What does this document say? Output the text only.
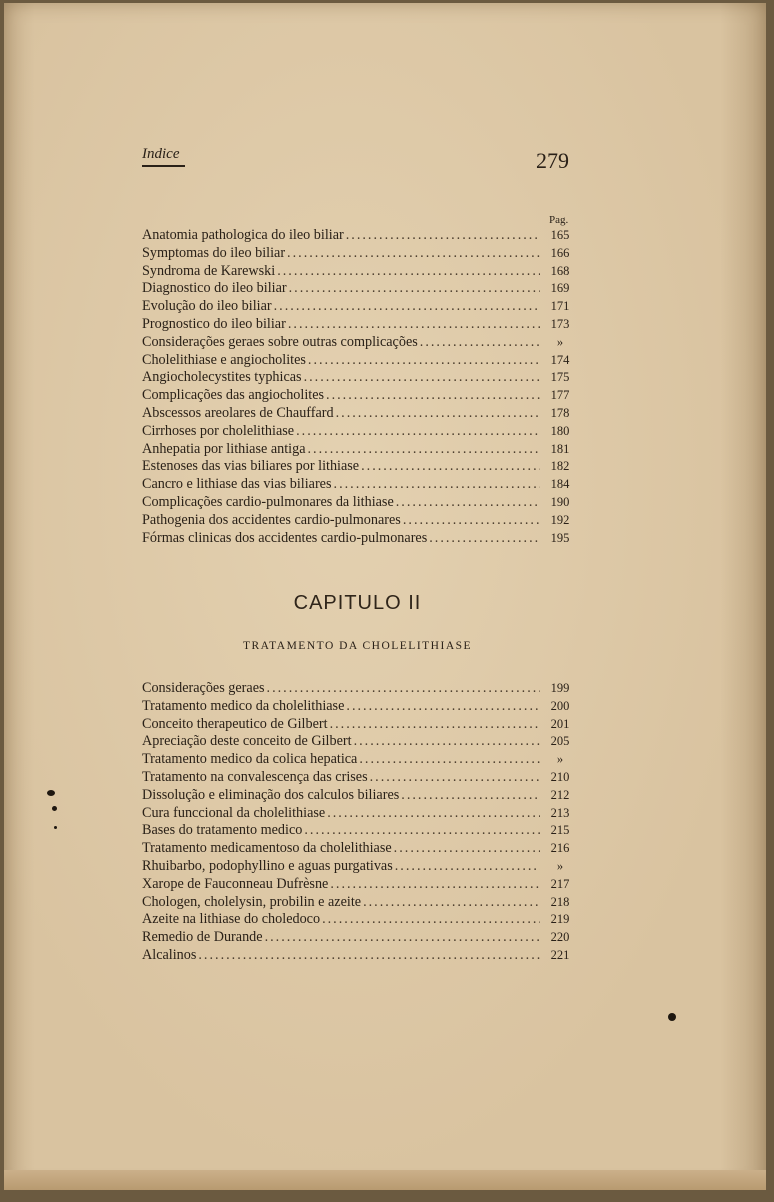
Indice	279
Pag.
Anatomia pathologica do ileo biliar .....	165
Symptomas do ileo biliar .....	166
Syndroma de Karewski .....	168
Diagnostico do ileo biliar .....	169
Evolução do ileo biliar .....	171
Prognostico do ileo biliar .....	173
Considerações geraes sobre outras complicações .....	»
Cholelithiase e angiocholites .....	174
Angiocholecystites typhicas .....	175
Complicações das angiocholites .....	177
Abscessos areolares de Chauffard .....	178
Cirrhoses por cholelithiase .....	180
Anhepatia por lithiase antiga .....	181
Estenoses das vias biliares por lithiase .....	182
Cancro e lithiase das vias biliares .....	184
Complicações cardio-pulmonares da lithiase .....	190
Pathogenia dos accidentes cardio-pulmonares .....	192
Fórmas clinicas dos accidentes cardio-pulmonares .....	195
CAPITULO II
TRATAMENTO DA CHOLELITHIASE
Considerações geraes .....	199
Tratamento medico da cholelithiase .....	200
Conceito therapeutico de Gilbert .....	201
Apreciação deste conceito de Gilbert .....	205
Tratamento medico da colica hepatica .....	»
Tratamento na convalescença das crises .....	210
Dissolução e eliminação dos calculos biliares .....	212
Cura funccional da cholelithiase .....	213
Bases do tratamento medico .....	215
Tratamento medicamentoso da cholelithiase .....	216
Rhuibarbo, podophyllino e aguas purgativas .....	»
Xarope de Fauconneau Dufrèsne .....	217
Chologen, cholelysin, probilin e azeite .....	218
Azeite na lithiase do choledoco .....	219
Remedio de Durande .....	220
Alcalinos .....	221
